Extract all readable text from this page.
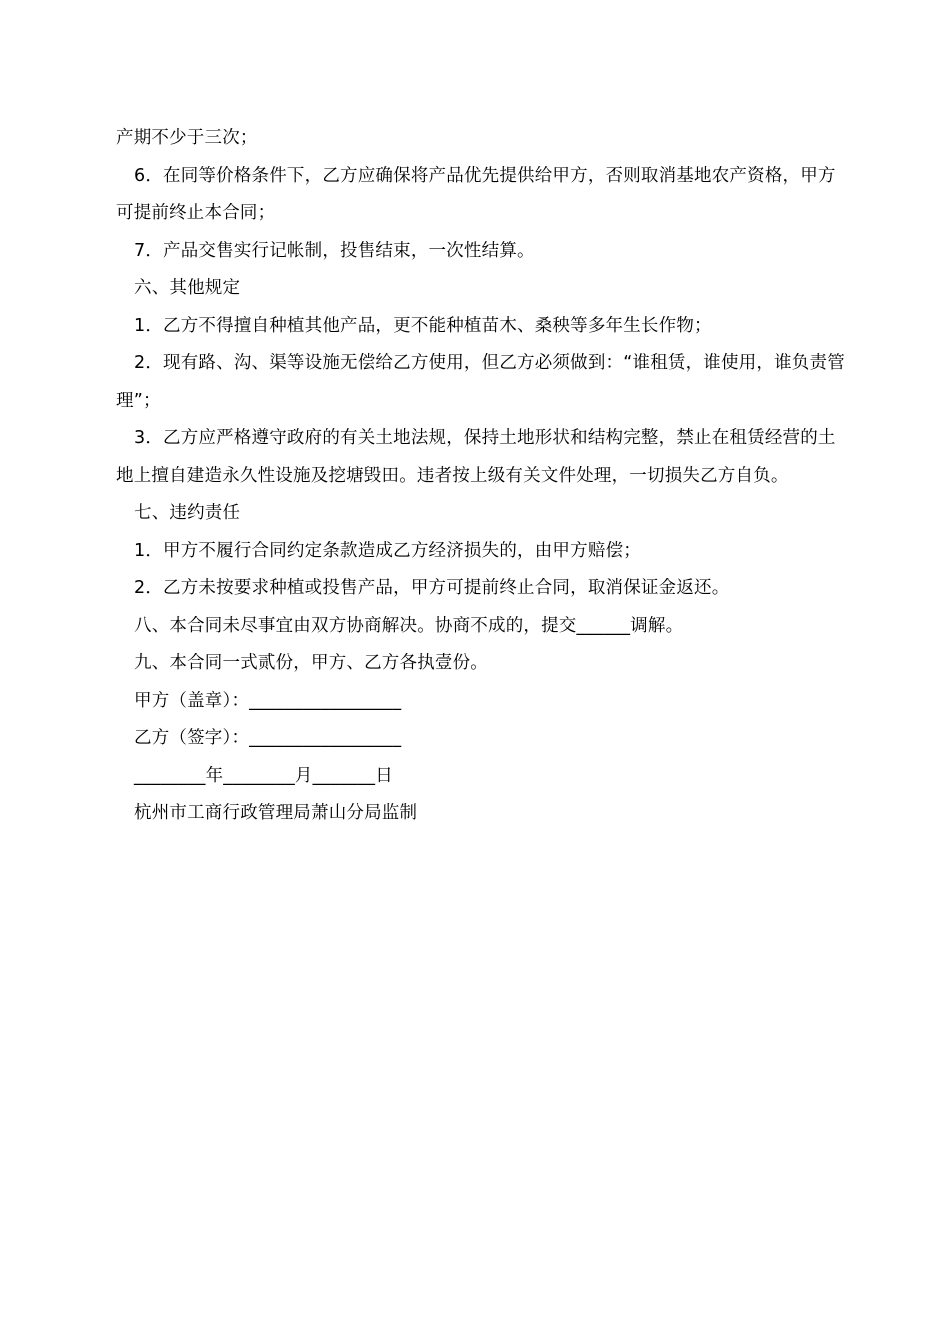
产期不少于三次；

6．在同等价格条件下，乙方应确保将产品优先提供给甲方，否则取消基地农产资格，甲方可提前终止本合同；

7．产品交售实行记帐制，投售结束，一次性结算。

六、其他规定

1．乙方不得擅自种植其他产品，更不能种植苗木、桑秧等多年生长作物；

2．现有路、沟、渠等设施无偿给乙方使用，但乙方必须做到：“谁租赁，谁使用，谁负责管理”；

3．乙方应严格遵守政府的有关土地法规，保持土地形状和结构完整，禁止在租赁经营的土地上擅自建造永久性设施及挖塘毁田。违者按上级有关文件处理，一切损失乙方自负。

七、违约责任

1．甲方不履行合同约定条款造成乙方经济损失的，由甲方赔偿；

2．乙方未按要求种植或投售产品，甲方可提前终止合同，取消保证金返还。

八、本合同未尽事宜由双方协商解决。协商不成的，提交______调解。

九、本合同一式贰份，甲方、乙方各执壹份。

甲方（盖章）：_________________

乙方（签字）：_________________

________年________月_______日

杭州市工商行政管理局萧山分局监制
